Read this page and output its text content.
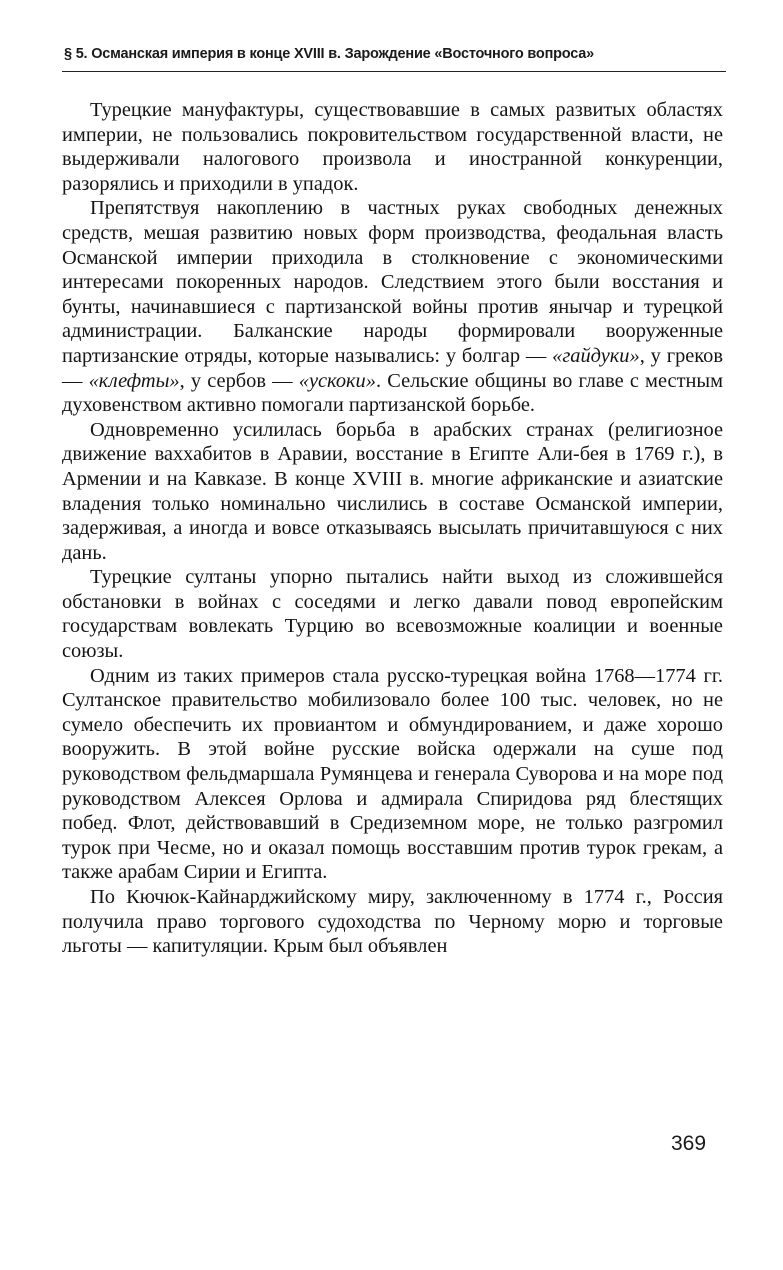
§ 5. Османская империя в конце XVIII в. Зарождение «Восточного вопроса»

Турецкие мануфактуры, существовавшие в самых развитых областях империи, не пользовались покровительством государственной власти, не выдерживали налогового произвола и иностранной конкуренции, разорялись и приходили в упадок.

Препятствуя накоплению в частных руках свободных денежных средств, мешая развитию новых форм производства, феодальная власть Османской империи приходила в столкновение с экономическими интересами покоренных народов. Следствием этого были восстания и бунты, начинавшиеся с партизанской войны против янычар и турецкой администрации. Балканские народы формировали вооруженные партизанские отряды, которые назывались: у болгар — «гайдуки», у греков — «клефты», у сербов — «ускоки». Сельские общины во главе с местным духовенством активно помогали партизанской борьбе.

Одновременно усилилась борьба в арабских странах (религиозное движение ваххабитов в Аравии, восстание в Египте Али-бея в 1769 г.), в Армении и на Кавказе. В конце XVIII в. многие африканские и азиатские владения только номинально числились в составе Османской империи, задерживая, а иногда и вовсе отказываясь высылать причитавшуюся с них дань.

Турецкие султаны упорно пытались найти выход из сложившейся обстановки в войнах с соседями и легко давали повод европейским государствам вовлекать Турцию во всевозможные коалиции и военные союзы.

Одним из таких примеров стала русско-турецкая война 1768—1774 гг. Султанское правительство мобилизовало более 100 тыс. человек, но не сумело обеспечить их провиантом и обмундированием, и даже хорошо вооружить. В этой войне русские войска одержали на суше под руководством фельдмаршала Румянцева и генерала Суворова и на море под руководством Алексея Орлова и адмирала Спиридова ряд блестящих побед. Флот, действовавший в Средиземном море, не только разгромил турок при Чесме, но и оказал помощь восставшим против турок грекам, а также арабам Сирии и Египта.

По Кючюк-Кайнарджийскому миру, заключенному в 1774 г., Россия получила право торгового судоходства по Черному морю и торговые льготы — капитуляции. Крым был объявлен

369
